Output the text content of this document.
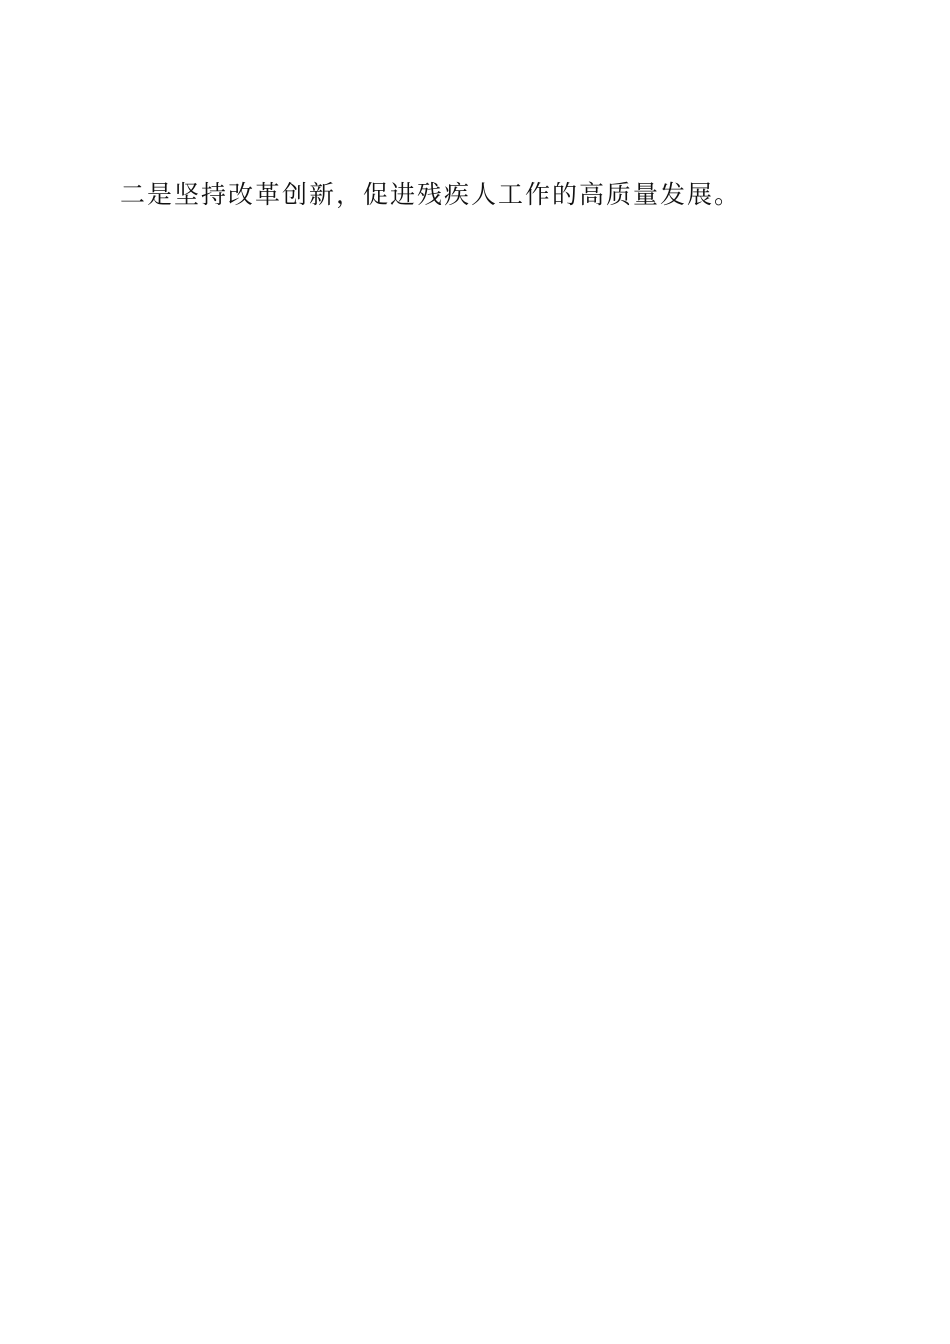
二是坚持改革创新，促进残疾人工作的高质量发展。
